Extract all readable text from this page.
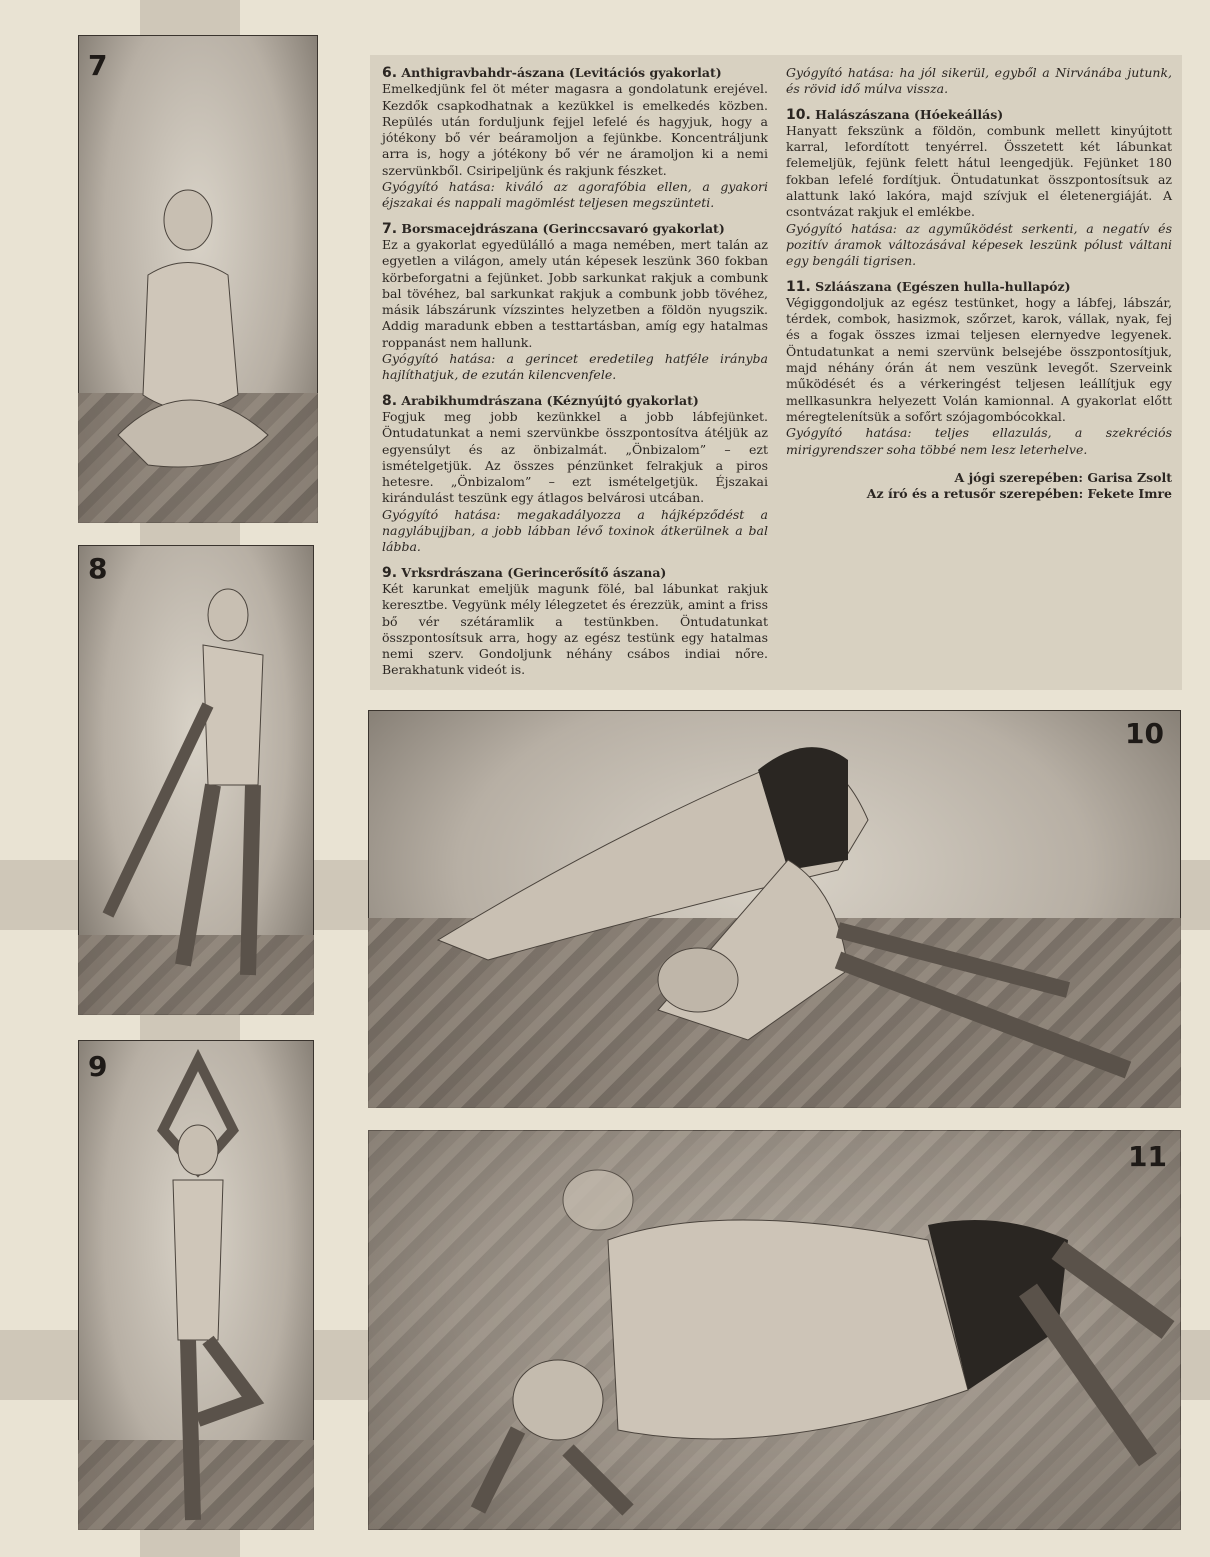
7
8
9
10
11
6. Anthigravbahdr-ászana (Levitációs gyakorlat)

Emelkedjünk fel öt méter magasra a gondolatunk erejével. Kezdők csapkodhatnak a kezükkel is emelkedés közben. Repülés után forduljunk fejjel lefelé és hagyjuk, hogy a jótékony bő vér beáramoljon a fejünkbe. Koncentráljunk arra is, hogy a jótékony bő vér ne áramoljon ki a nemi szervünkből. Csiripeljünk és rakjunk fészket.

Gyógyító hatása: kiváló az agorafóbia ellen, a gyakori éjszakai és nappali magömlést teljesen megszünteti.

7. Borsmacejdrászana (Gerinccsavaró gyakorlat)

Ez a gyakorlat egyedülálló a maga nemében, mert talán az egyetlen a világon, amely után képesek leszünk 360 fokban körbeforgatni a fejünket. Jobb sarkunkat rakjuk a combunk bal tövéhez, bal sarkunkat rakjuk a combunk jobb tövéhez, másik lábszárunk vízszintes helyzetben a földön nyugszik. Addig maradunk ebben a testtartásban, amíg egy hatalmas roppanást nem hallunk.

Gyógyító hatása: a gerincet eredetileg hatféle irányba hajlíthatjuk, de ezután kilencvenfele.

8. Arabikhumdrászana (Kéznyújtó gyakorlat)

Fogjuk meg jobb kezünkkel a jobb lábfejünket. Öntudatunkat a nemi szervünkbe összpontosítva átéljük az egyensúlyt és az önbizalmát. „Önbizalom” – ezt ismételgetjük. Az összes pénzünket felrakjuk a piros hetesre. „Önbizalom” – ezt ismételgetjük. Éjszakai kirándulást teszünk egy átlagos belvárosi utcában.

Gyógyító hatása: megakadályozza a hájképződést a nagylábujjban, a jobb lábban lévő toxinok átkerülnek a bal lábba.

9. Vrksrdrászana (Gerincerősítő ászana)

Két karunkat emeljük magunk fölé, bal lábunkat rakjuk keresztbe. Vegyünk mély lélegzetet és érezzük, amint a friss bő vér szétáramlik a testünkben. Öntudatunkat összpontosítsuk arra, hogy az egész testünk egy hatalmas nemi szerv. Gondoljunk néhány csábos indiai nőre. Berakhatunk videót is.

Gyógyító hatása: ha jól sikerül, egyből a Nirvánába jutunk, és rövid idő múlva vissza.

10. Halászászana (Hóekeállás)

Hanyatt fekszünk a földön, combunk mellett kinyújtott karral, lefordított tenyérrel. Összetett két lábunkat felemeljük, fejünk felett hátul leengedjük. Fejünket 180 fokban lefelé fordítjuk. Öntudatunkat összpontosítsuk az alattunk lakó lakóra, majd szívjuk el életenergiáját. A csontvázat rakjuk el emlékbe.

Gyógyító hatása: az agyműködést serkenti, a negatív és pozitív áramok változásával képesek leszünk pólust váltani egy bengáli tigrisen.

11. Szláászana (Egészen hulla-hullapóz)

Végiggondoljuk az egész testünket, hogy a lábfej, lábszár, térdek, combok, hasizmok, szőrzet, karok, vállak, nyak, fej és a fogak összes izmai teljesen elernyedve legyenek. Öntudatunkat a nemi szervünk belsejébe összpontosítjuk, majd néhány órán át nem veszünk levegőt. Szerveink működését és a vérkeringést teljesen leállítjuk egy mellkasunkra helyezett Volán kamionnal. A gyakorlat előtt méregtelenítsük a sofőrt szójagombócokkal.

Gyógyító hatása: teljes ellazulás, a szekréciós mirigyrendszer soha többé nem lesz leterhelve.

A jógi szerepében: Garisa Zsolt
Az író és a retusőr szerepében: Fekete Imre
